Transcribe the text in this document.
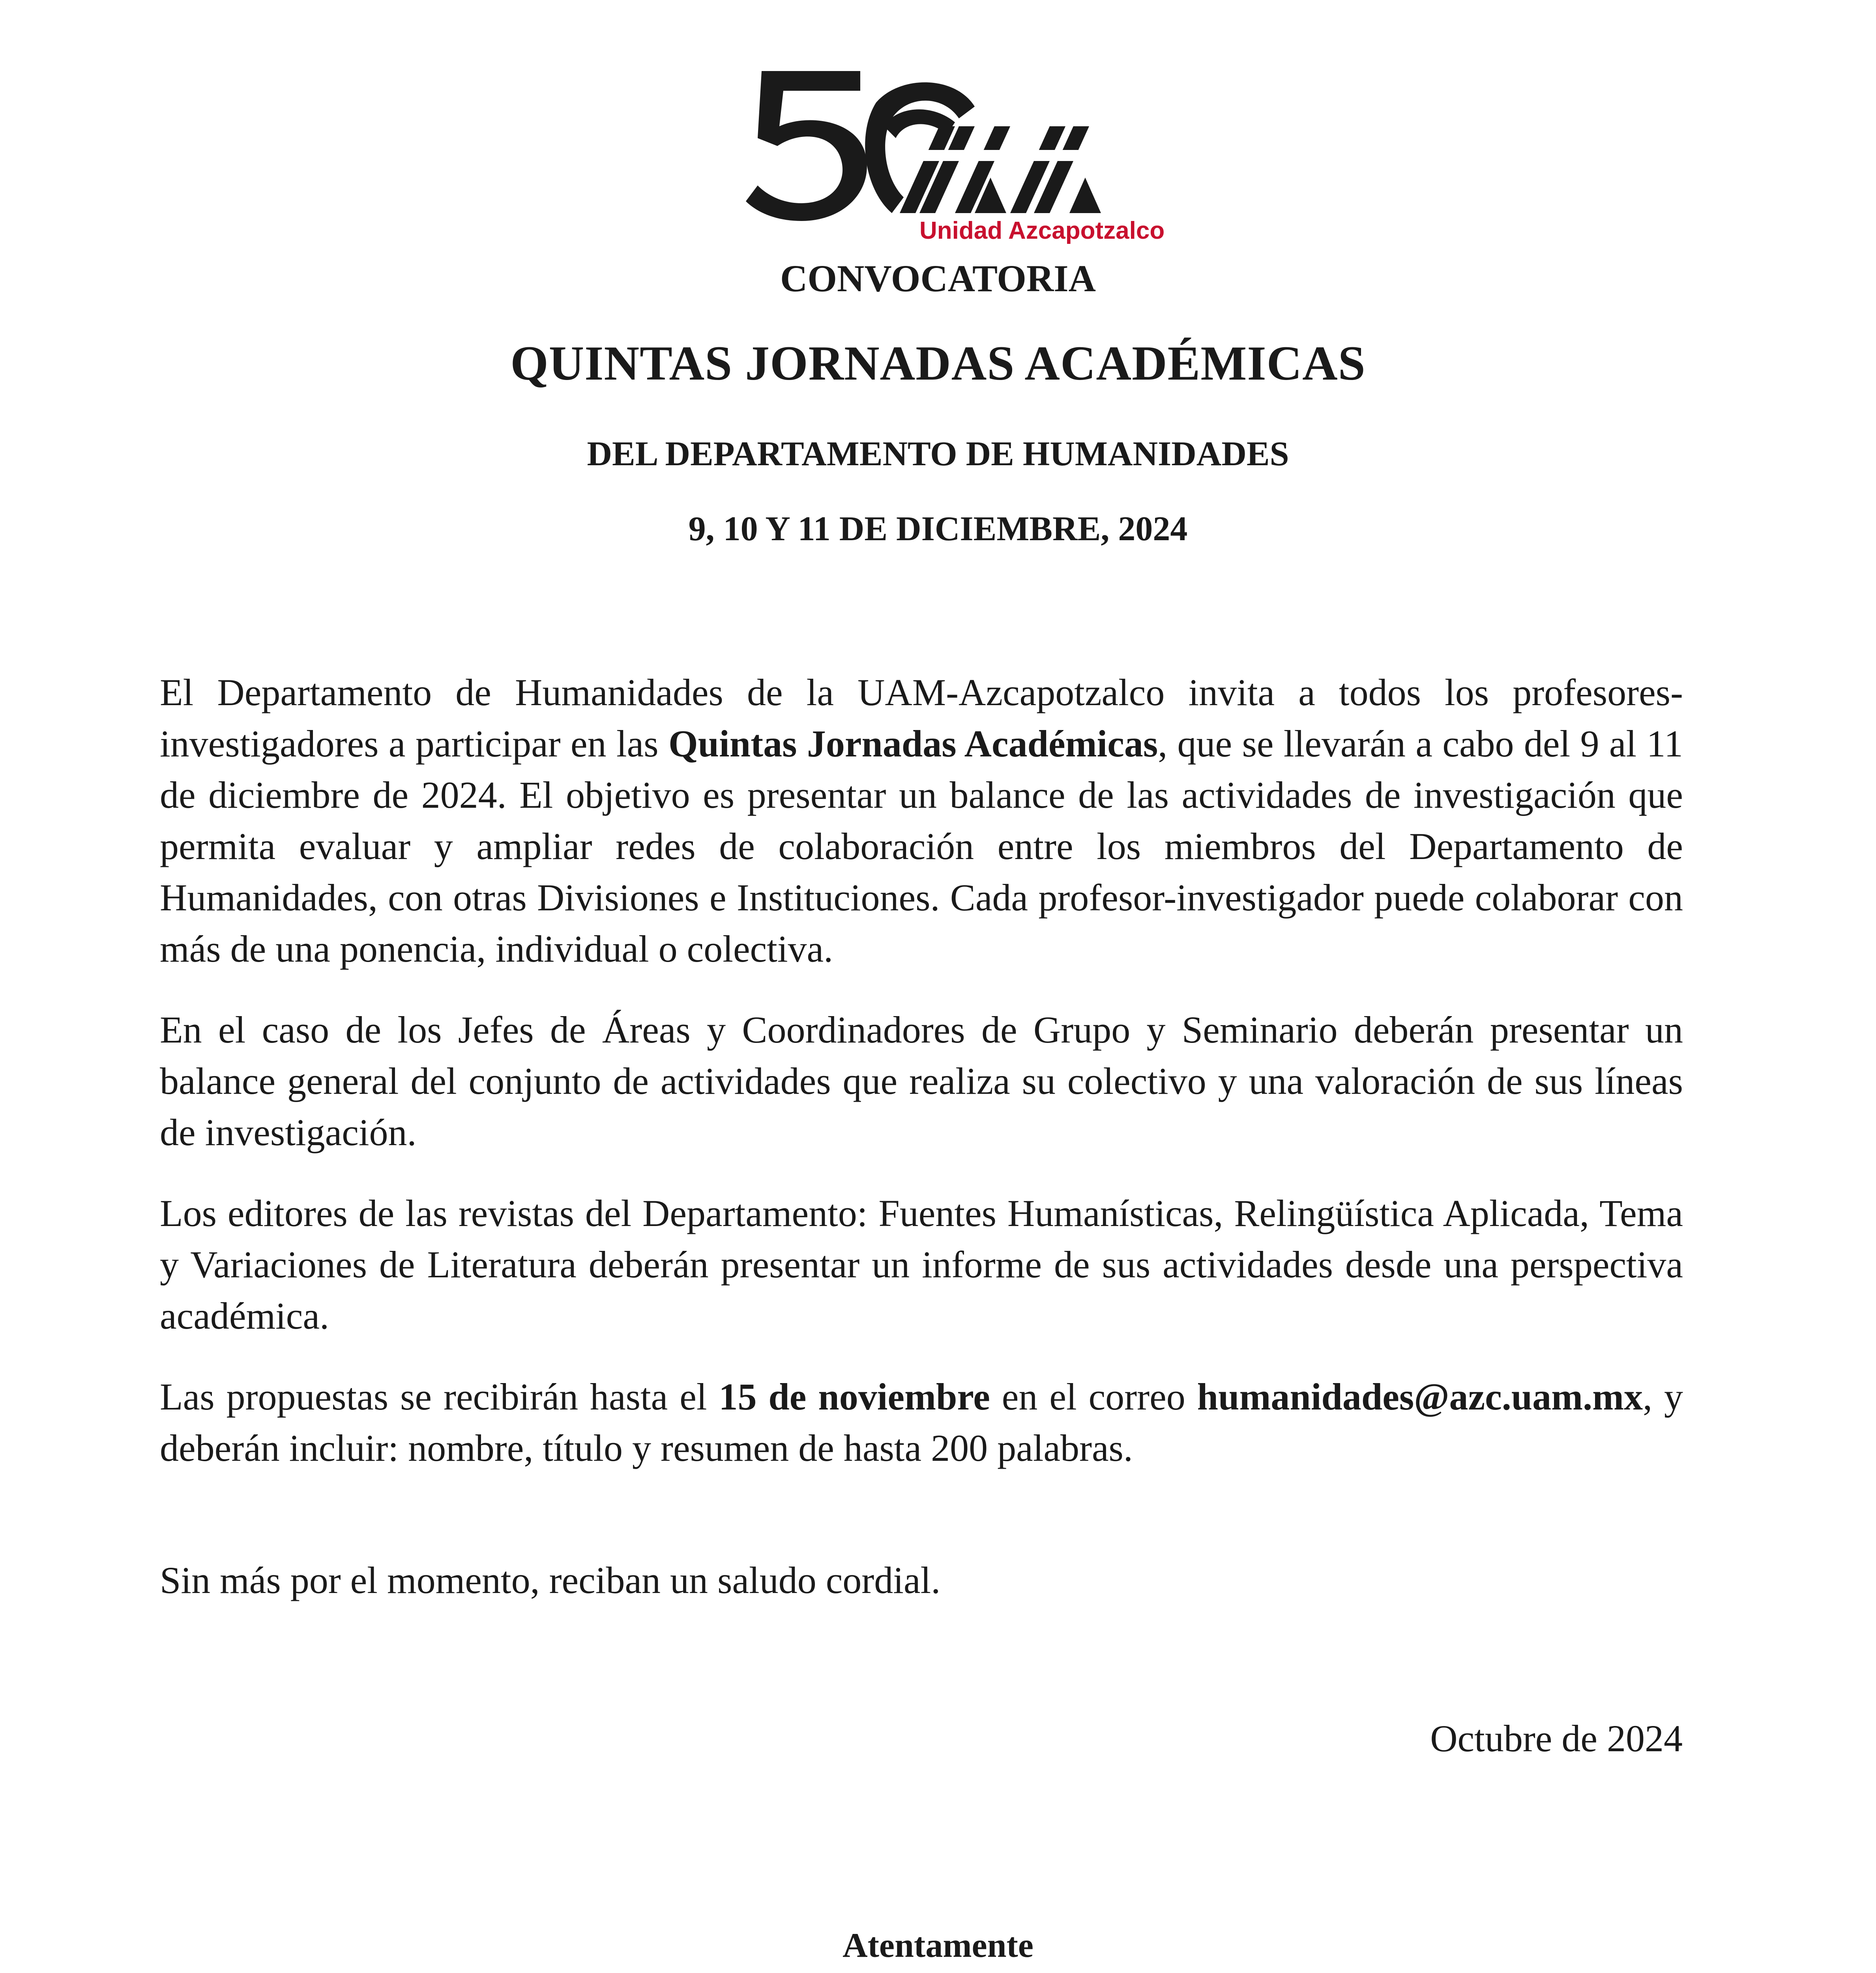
Unidad Azcapotzalco
CONVOCATORIA
QUINTAS JORNADAS ACADÉMICAS
DEL DEPARTAMENTO DE HUMANIDADES
9, 10 Y 11 DE DICIEMBRE, 2024
El Departamento de Humanidades de la UAM-Azcapotzalco invita a todos los profesores-investigadores a participar en las Quintas Jornadas Académicas, que se llevarán a cabo del 9 al 11 de diciembre de 2024. El objetivo es presentar un balance de las actividades de investigación que permita evaluar y ampliar redes de colaboración entre los miembros del Departamento de Humanidades, con otras Divisiones e Instituciones. Cada profesor-investigador puede colaborar con más de una ponencia, individual o colectiva.
En el caso de los Jefes de Áreas y Coordinadores de Grupo y Seminario deberán presentar un balance general del conjunto de actividades que realiza su colectivo y una valoración de sus líneas de investigación.
Los editores de las revistas del Departamento: Fuentes Humanísticas, Relingüística Aplicada, Tema y Variaciones de Literatura deberán presentar un informe de sus actividades desde una perspectiva académica.
Las propuestas se recibirán hasta el 15 de noviembre en el correo humanidades@azc.uam.mx, y deberán incluir: nombre, título y resumen de hasta 200 palabras.
Sin más por el momento, reciban un saludo cordial.
Octubre de 2024
Atentamente
